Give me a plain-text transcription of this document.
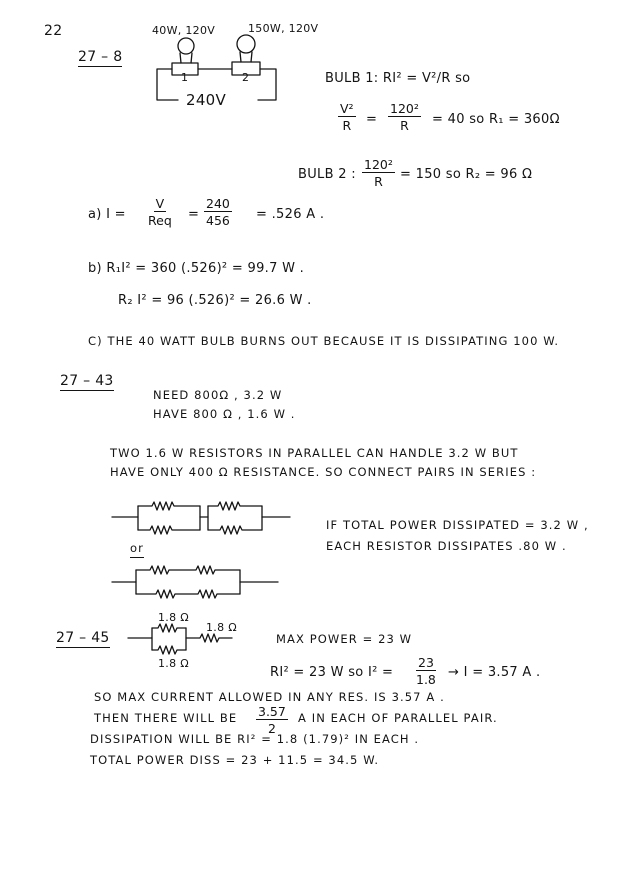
22
27 – 8
40W, 120V	150W, 120V
1	2
240V
BULB 1: RI² = V²/R so
$\frac{\text{V²}}{R} = \frac{\text{120²}}{R} = 40$ so R₁ = 360Ω
BULB 2 : $\frac{\text{120²}}{R} = 150$ so R₂ = 96 Ω
a) I =
V
Req = $\frac{240}{456} = .526$ A .
b) R₁I² = 360 (.526)² = 99.7 W .
R₂ I² = 96 (.526)² = 26.6 W .
C) THE 40 WATT BULB BURNS OUT BECAUSE IT IS DISSIPATING 100 W.
27 – 43
NEED 800Ω , 3.2 W
HAVE 800 Ω , 1.6 W .
TWO 1.6 W RESISTORS IN PARALLEL CAN HANDLE 3.2 W BUT
HAVE ONLY 400 Ω RESISTANCE. SO CONNECT PAIRS IN SERIES :
or
IF TOTAL POWER DISSIPATED = 3.2 W ,
EACH RESISTOR DISSIPATES .80 W .
27 – 45
1.8 Ω
1.8 Ω
1.8 Ω
MAX POWER = 23 W
RI² = 23 W so $I^2 = \frac{23}{1.8} \to I = 3.57$ A .
SO MAX CURRENT ALLOWED IN ANY RES. IS 3.57 A .
THEN THERE WILL BE $\frac{3.57}{2}$ A IN EACH OF PARALLEL PAIR.
DISSIPATION WILL BE RI² = 1.8 (1.79)² IN EACH .
TOTAL POWER DISS = 23 + 11.5 = 34.5 W.
